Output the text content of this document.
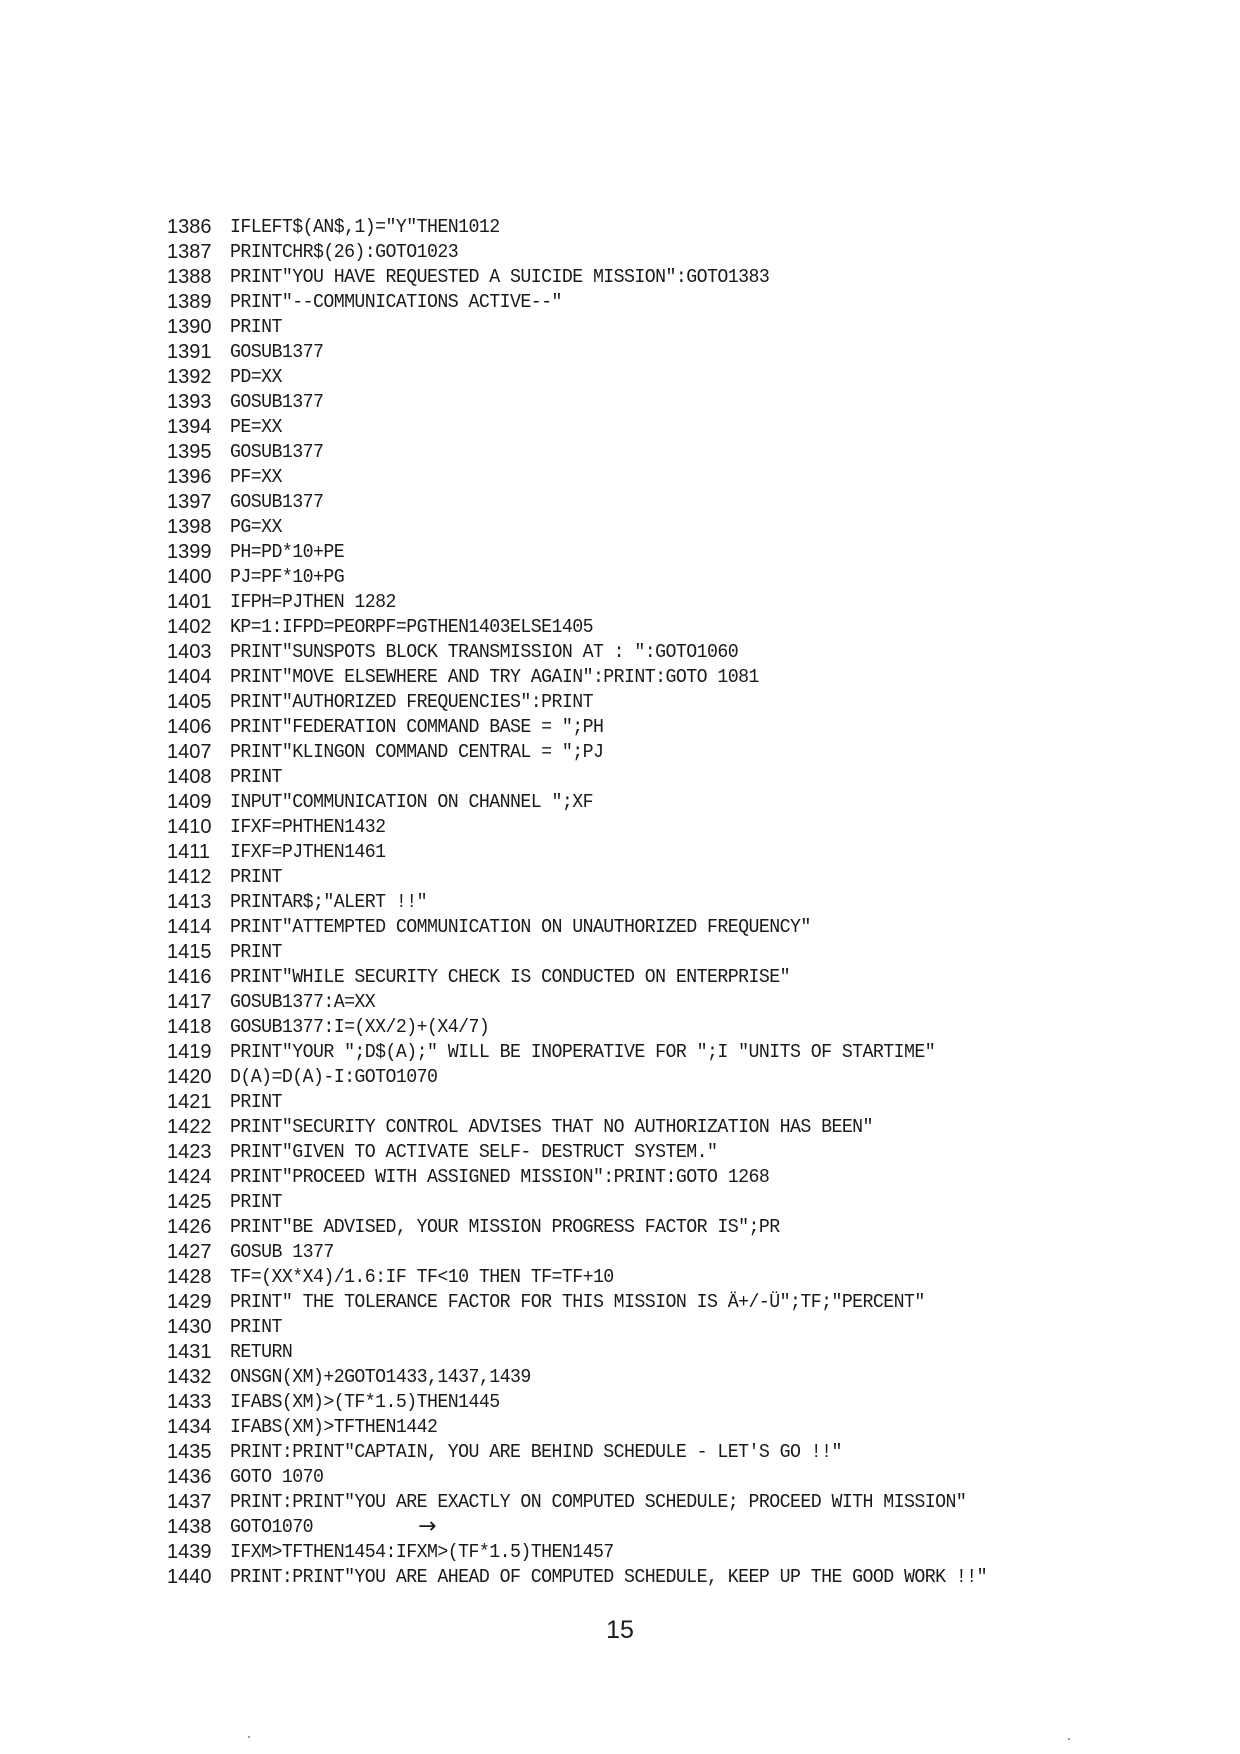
1386 IFLEFT$(AN$,1)="Y"THEN1012
1387 PRINTCHR$(26):GOTO1023
1388 PRINT"YOU HAVE REQUESTED A SUICIDE MISSION":GOTO1383
1389 PRINT"--COMMUNICATIONS ACTIVE--"
1390 PRINT
1391 GOSUB1377
1392 PD=XX
1393 GOSUB1377
1394 PE=XX
1395 GOSUB1377
1396 PF=XX
1397 GOSUB1377
1398 PG=XX
1399 PH=PD*10+PE
1400 PJ=PF*10+PG
1401 IFPH=PJTHEN 1282
1402 KP=1:IFPD=PEORPF=PGTHEN1403ELSE1405
1403 PRINT"SUNSPOTS BLOCK TRANSMISSION AT : ":GOTO1060
1404 PRINT"MOVE ELSEWHERE AND TRY AGAIN":PRINT:GOTO 1081
1405 PRINT"AUTHORIZED FREQUENCIES":PRINT
1406 PRINT"FEDERATION COMMAND BASE = ";PH
1407 PRINT"KLINGON COMMAND CENTRAL = ";PJ
1408 PRINT
1409 INPUT"COMMUNICATION ON CHANNEL ";XF
1410 IFXF=PHTHEN1432
1411	IFXF=PJTHEN1461
1412 PRINT
1413 PRINTAR$;"ALERT !!"
1414 PRINT"ATTEMPTED COMMUNICATION ON UNAUTHORIZED FREQUENCY"
1415 PRINT
1416 PRINT"WHILE SECURITY CHECK IS CONDUCTED ON ENTERPRISE"
1417 GOSUB1377:A=XX
1418 GOSUB1377:I=(XX/2)+(X4/7)
1419 PRINT"YOUR ";D$(A);" WILL BE INOPERATIVE FOR ";I "UNITS OF STARTIME"
1420 D(A)=D(A)-I:GOTO1070
1421 PRINT
1422 PRINT"SECURITY CONTROL ADVISES THAT NO AUTHORIZATION HAS BEEN"
1423 PRINT"GIVEN TO ACTIVATE SELF- DESTRUCT SYSTEM."
1424 PRINT"PROCEED WITH ASSIGNED MISSION":PRINT:GOTO 1268
1425 PRINT
1426 PRINT"BE ADVISED, YOUR MISSION PROGRESS FACTOR IS";PR
1427 GOSUB 1377
1428 TF=(XX*X4)/1.6:IF TF<10 THEN TF=TF+10
1429 PRINT" THE TOLERANCE FACTOR FOR THIS MISSION IS Ä+/-Ü";TF;"PERCENT"
1430 PRINT
1431 RETURN
1432 ONSGN(XM)+2GOTO1433,1437,1439
1433 IFABS(XM)>(TF*1.5)THEN1445
1434 IFABS(XM)>TFTHEN1442
1435 PRINT:PRINT"CAPTAIN, YOU ARE BEHIND SCHEDULE - LET'S GO !!"
1436 GOTO 1070
1437 PRINT:PRINT"YOU ARE EXACTLY ON COMPUTED SCHEDULE; PROCEED WITH MISSION"
1438 GOTO1070
1439 IFXM>TFTHEN1454:IFXM>(TF*1.5)THEN1457
1440 PRINT:PRINT"YOU ARE AHEAD OF COMPUTED SCHEDULE, KEEP UP THE GOOD WORK !!"
→
15
